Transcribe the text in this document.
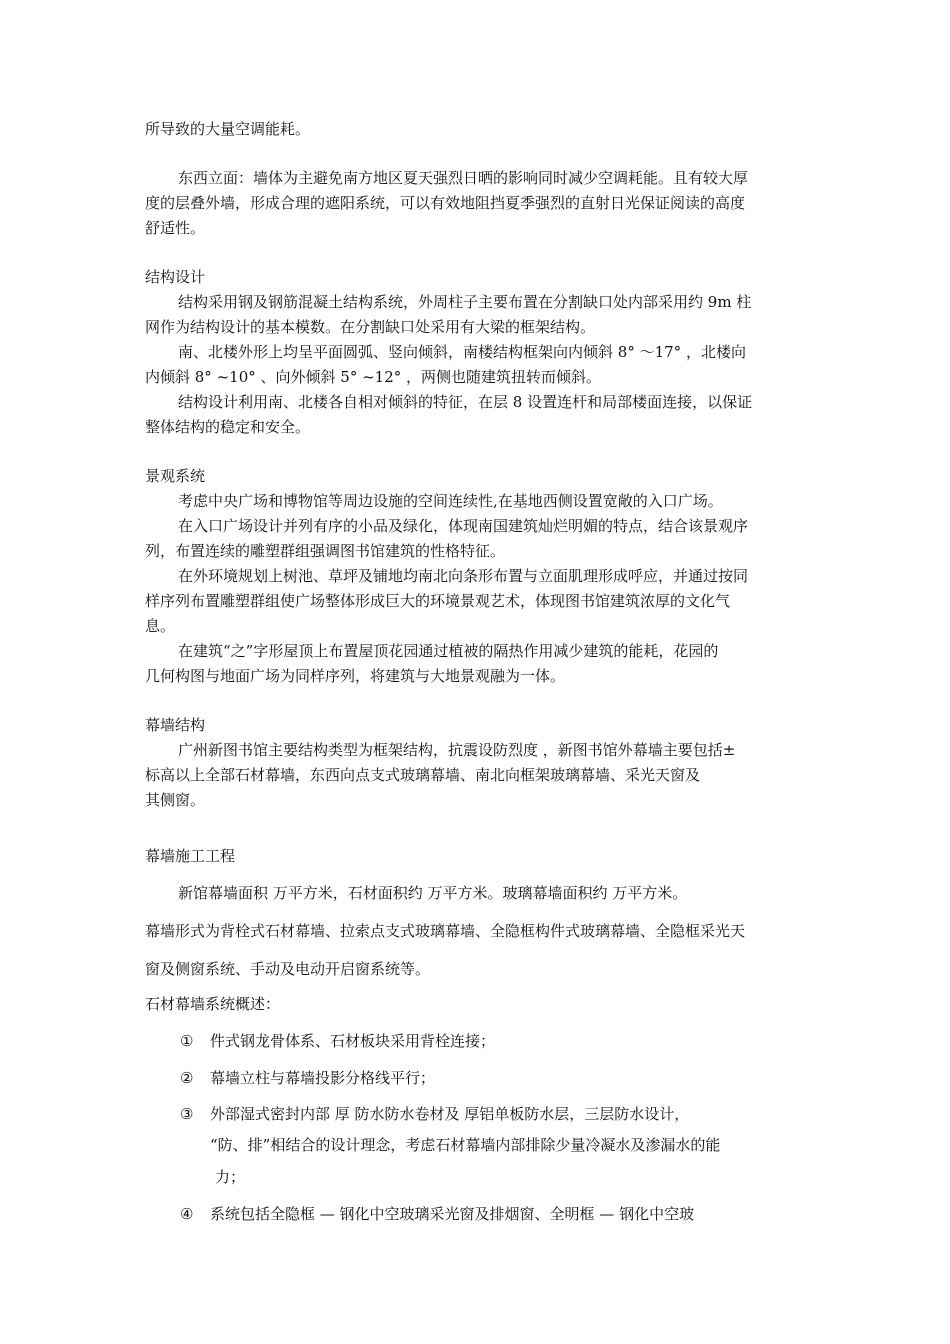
所导致的大量空调能耗。
东西立面：墙体为主避免南方地区夏天强烈日晒的影响同时减少空调耗能。且有较大厚
度的层叠外墙，形成合理的遮阳系统，可以有效地阻挡夏季强烈的直射日光保证阅读的高度
舒适性。
结构设计
结构采用钢及钢筋混凝土结构系统，外周柱子主要布置在分割缺口处内部采用约 9m 柱
网作为结构设计的基本模数。在分割缺口处采用有大梁的框架结构。
南、北楼外形上均呈平面圆弧、竖向倾斜，南楼结构框架向内倾斜 8° ～17° ，北楼向
内倾斜 8° ~10° 、向外倾斜 5° ~12° ，两侧也随建筑扭转而倾斜。
结构设计利用南、北楼各自相对倾斜的特征，在层 8 设置连杆和局部楼面连接，以保证
整体结构的稳定和安全。
景观系统
考虑中央广场和博物馆等周边设施的空间连续性,在基地西侧设置宽敞的入口广场。
在入口广场设计并列有序的小品及绿化，体现南国建筑灿烂明媚的特点，结合该景观序
列，布置连续的雕塑群组强调图书馆建筑的性格特征。
在外环境规划上树池、草坪及铺地均南北向条形布置与立面肌理形成呼应，并通过按同
样序列布置雕塑群组使广场整体形成巨大的环境景观艺术，体现图书馆建筑浓厚的文化气
息。
在建筑“之”字形屋顶上布置屋顶花园通过植被的隔热作用减少建筑的能耗，花园的
几何构图与地面广场为同样序列，将建筑与大地景观融为一体。
幕墙结构
广州新图书馆主要结构类型为框架结构，抗震设防烈度 ，新图书馆外幕墙主要包括±
标高以上全部石材幕墙，东西向点支式玻璃幕墙、南北向框架玻璃幕墙、采光天窗及
其侧窗。
幕墙施工工程
新馆幕墙面积 万平方米，石材面积约 万平方米。玻璃幕墙面积约 万平方米。
幕墙形式为背栓式石材幕墙、拉索点支式玻璃幕墙、全隐框构件式玻璃幕墙、全隐框采光天
窗及侧窗系统、手动及电动开启窗系统等。
石材幕墙系统概述：
① 件式钢龙骨体系、石材板块采用背栓连接；
② 幕墙立柱与幕墙投影分格线平行；
③ 外部湿式密封内部 厚 防水防水卷材及 厚铝单板防水层，三层防水设计，
“防、排”相结合的设计理念，考虑石材幕墙内部排除少量冷凝水及渗漏水的能
力；
④ 系统包括全隐框 — 钢化中空玻璃采光窗及排烟窗、全明框 — 钢化中空玻
